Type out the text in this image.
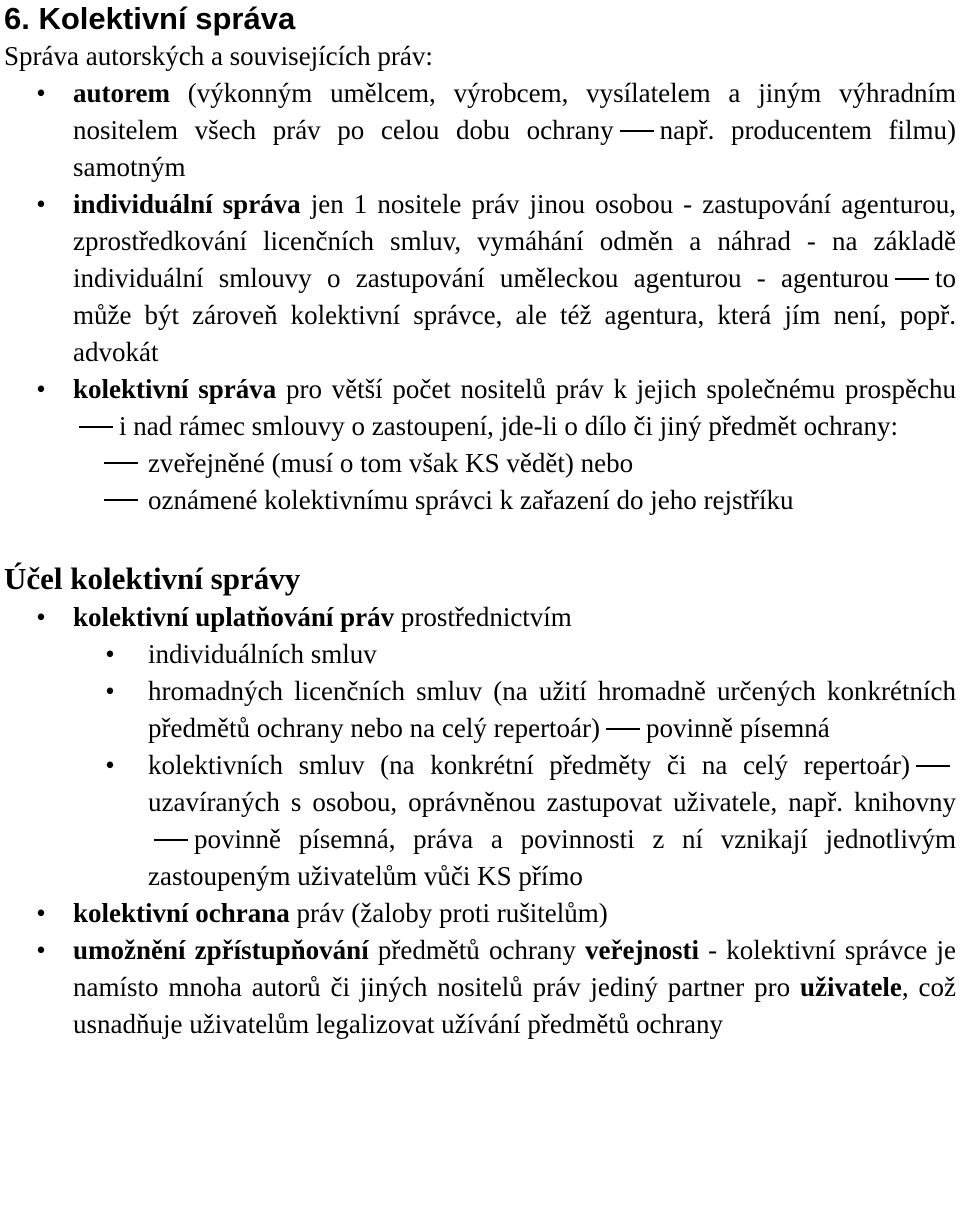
6. Kolektivní správa
Správa autorských a souvisejících práv:
•
autorem (výkonným umělcem, výrobcem, vysílatelem a jiným výhradním nositelem všech práv po celou dobu ochrany např. producentem filmu) samotným
•
individuální správa jen 1 nositele práv jinou osobou - zastupování agenturou, zprostředkování licenčních smluv, vymáhání odměn a náhrad - na základě individuální smlouvy o zastupování uměleckou agenturou - agenturou to může být zároveň kolektivní správce, ale též agentura, která jím není, popř. advokát
•
kolektivní správa pro větší počet nositelů práv k jejich společnému prospěchui nad rámec smlouvy o zastoupení, jde-li o dílo či jiný předmět ochrany:
zveřejněné (musí o tom však KS vědět) nebo
oznámené kolektivnímu správci k zařazení do jeho rejstříku
Účel kolektivní správy
•
kolektivní uplatňování práv prostřednictvím
•
individuálních smluv
•
hromadných licenčních smluv (na užití hromadně určených konkrétních předmětů ochrany nebo na celý repertoár) povinně písemná
•
kolektivních smluv (na konkrétní předměty či na celý repertoár)uzavíraných s osobou, oprávněnou zastupovat uživatele, např. knihovnypovinně písemná, práva a povinnosti z ní vznikají jednotlivým zastoupeným uživatelům vůči KS přímo
•
kolektivní ochrana práv (žaloby proti rušitelům)
•
umožnění zpřístupňování předmětů ochrany veřejnosti - kolektivní správce je namísto mnoha autorů či jiných nositelů práv jediný partner pro uživatele, což usnadňuje uživatelům legalizovat užívání předmětů ochrany
